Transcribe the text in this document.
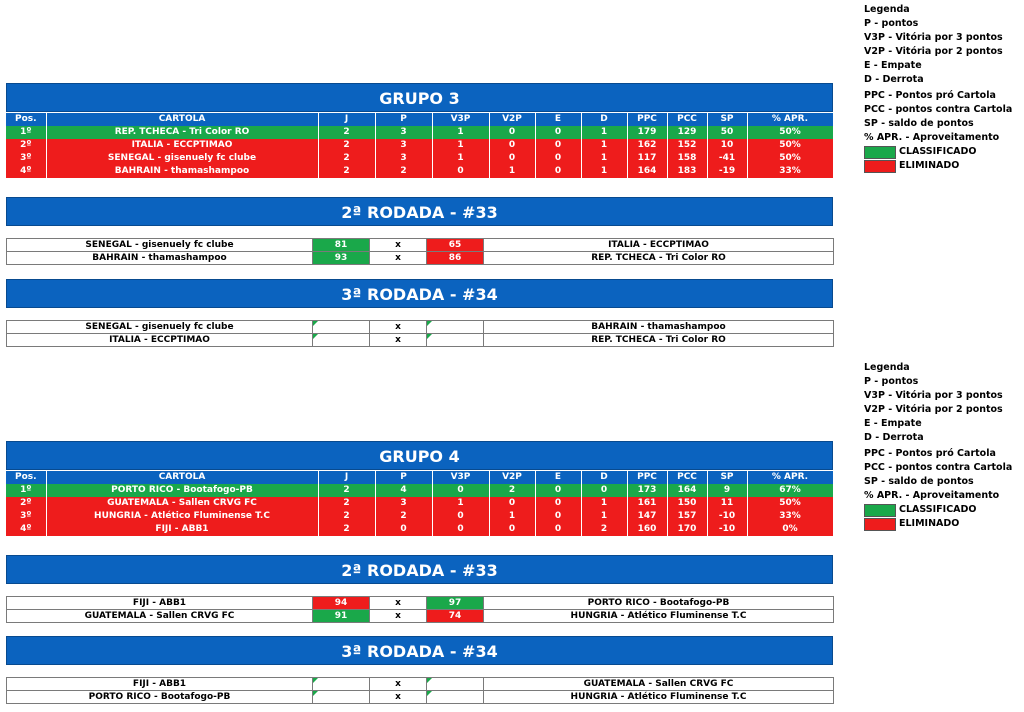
Legenda
P - pontos
V3P - Vitória por 3 pontos
V2P - Vitória por 2 pontos
E - Empate
D - Derrota
PPC - Pontos pró Cartola
PCC - pontos contra Cartola
SP - saldo de pontos
% APR. - Aproveitamento
CLASSIFICADO
ELIMINADO
Legenda
P - pontos
V3P - Vitória por 3 pontos
V2P - Vitória por 2 pontos
E - Empate
D - Derrota
PPC - Pontos pró Cartola
PCC - pontos contra Cartola
SP - saldo de pontos
% APR. - Aproveitamento
CLASSIFICADO
ELIMINADO
GRUPO 3
Pos.	CARTOLA	J	P	V3P	V2P	E	D	PPC	PCC	SP	% APR.
1º	REP. TCHECA - Tri Color RO	2	3	1	0	0	1	179	129	50	50%
2º	ITALIA - ECCPTIMAO	2	3	1	0	0	1	162	152	10	50%
3º	SENEGAL - gisenuely fc clube	2	3	1	0	0	1	117	158	-41	50%
4º	BAHRAIN - thamashampoo	2	2	0	1	0	1	164	183	-19	33%
2ª RODADA - #33
SENEGAL - gisenuely fc clube	81	x	65	ITALIA - ECCPTIMAO
BAHRAIN - thamashampoo	93	x	86	REP. TCHECA - Tri Color RO
3ª RODADA - #34
SENEGAL - gisenuely fc clube		x		BAHRAIN - thamashampoo
ITALIA - ECCPTIMAO		x		REP. TCHECA - Tri Color RO
GRUPO 4
Pos.	CARTOLA	J	P	V3P	V2P	E	D	PPC	PCC	SP	% APR.
1º	PORTO RICO - Bootafogo-PB	2	4	0	2	0	0	173	164	9	67%
2º	GUATEMALA - Sallen CRVG FC	2	3	1	0	0	1	161	150	11	50%
3º	HUNGRIA - Atlético Fluminense T.C	2	2	0	1	0	1	147	157	-10	33%
4º	FIJI - ABB1	2	0	0	0	0	2	160	170	-10	0%
2ª RODADA - #33
FIJI - ABB1	94	x	97	PORTO RICO - Bootafogo-PB
GUATEMALA - Sallen CRVG FC	91	x	74	HUNGRIA - Atlético Fluminense T.C
3ª RODADA - #34
FIJI - ABB1		x		GUATEMALA - Sallen CRVG FC
PORTO RICO - Bootafogo-PB		x		HUNGRIA - Atlético Fluminense T.C
